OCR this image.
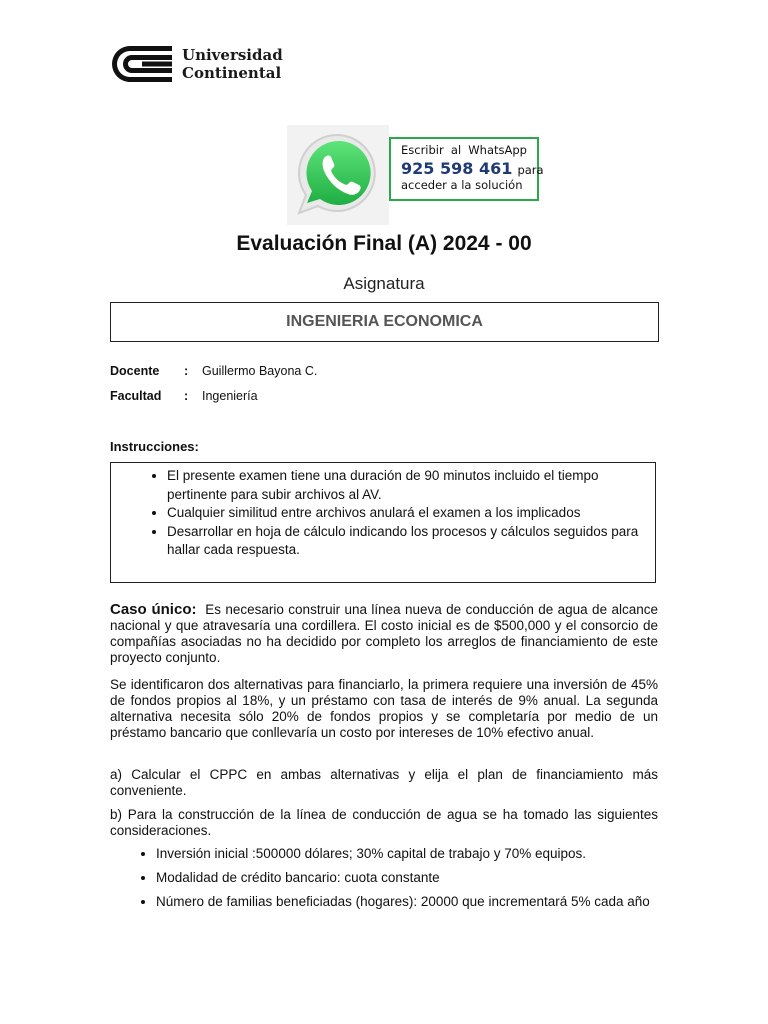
Universidad
Continental
Escribir al WhatsApp
925 598 461 para
acceder a la solución
Evaluación Final (A) 2024 - 00
Asignatura
INGENIERIA ECONOMICA
Docente	:	Guillermo Bayona C.
Facultad	:	Ingeniería
Instrucciones:
• El presente examen tiene una duración de 90 minutos incluido el tiempo pertinente para subir archivos al AV.
• Cualquier similitud entre archivos anulará el examen a los implicados
• Desarrollar en hoja de cálculo indicando los procesos y cálculos seguidos para hallar cada respuesta.
Caso único: Es necesario construir una línea nueva de conducción de agua de alcance nacional y que atravesaría una cordillera. El costo inicial es de $500,000 y el consorcio de compañías asociadas no ha decidido por completo los arreglos de financiamiento de este proyecto conjunto.
Se identificaron dos alternativas para financiarlo, la primera requiere una inversión de 45% de fondos propios al 18%, y un préstamo con tasa de interés de 9% anual. La segunda alternativa necesita sólo 20% de fondos propios y se completaría por medio de un préstamo bancario que conllevaría un costo por intereses de 10% efectivo anual.
a) Calcular el CPPC en ambas alternativas y elija el plan de financiamiento más conveniente.
b) Para la construcción de la línea de conducción de agua se ha tomado las siguientes consideraciones.
• Inversión inicial :500000 dólares; 30% capital de trabajo y 70% equipos.
• Modalidad de crédito bancario: cuota constante
• Número de familias beneficiadas (hogares): 20000 que incrementará 5% cada año
